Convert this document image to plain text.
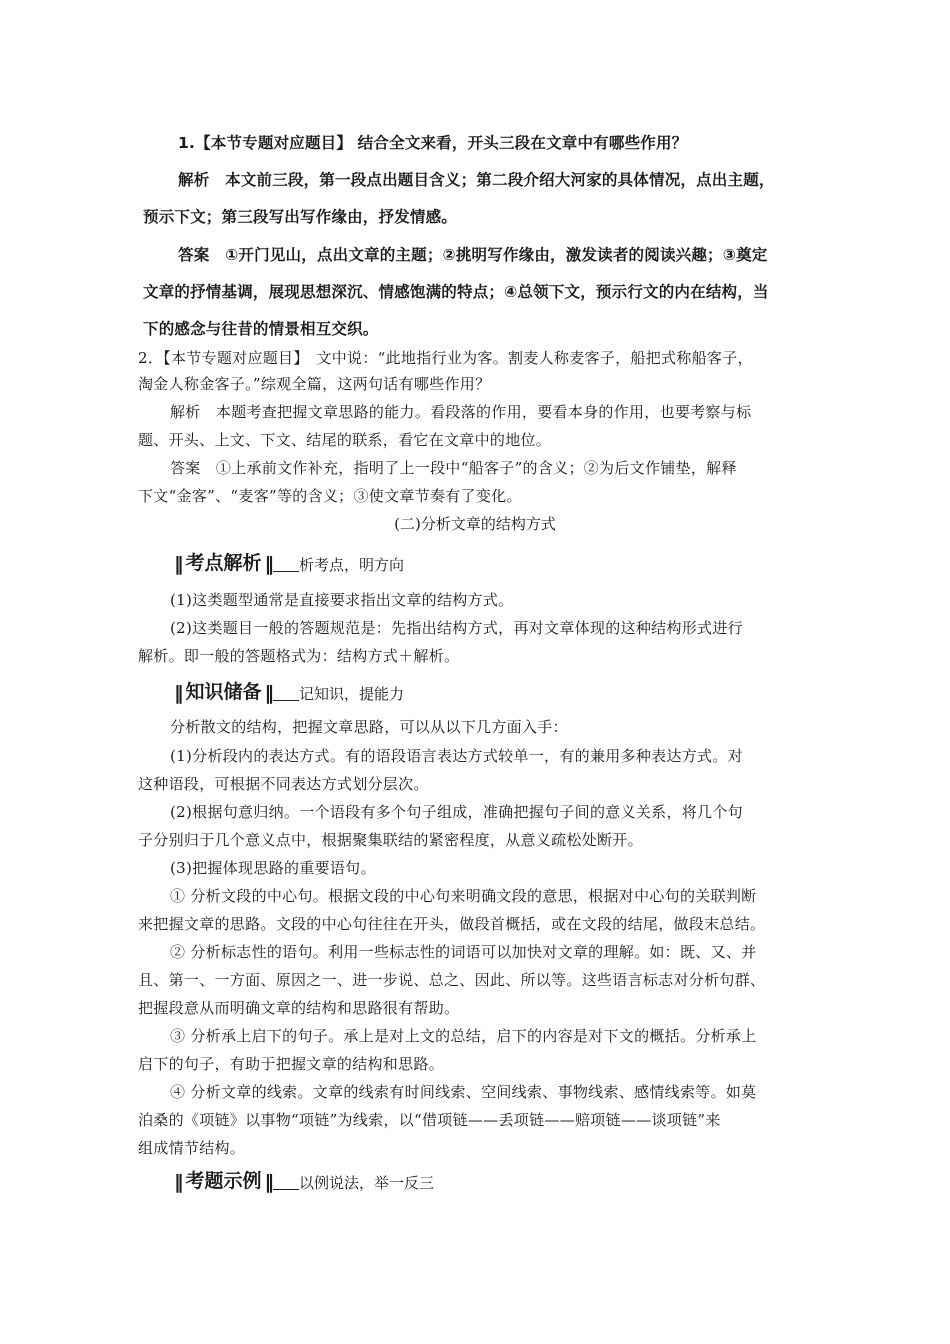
1.【本节专题对应题目】 结合全文来看，开头三段在文章中有哪些作用？
解析　本文前三段，第一段点出题目含义；第二段介绍大河家的具体情况，点出主题，
预示下文；第三段写出写作缘由，抒发情感。
答案　①开门见山，点出文章的主题；②挑明写作缘由，激发读者的阅读兴趣；③奠定
文章的抒情基调，展现思想深沉、情感饱满的特点；④总领下文，预示行文的内在结构，当
下的感念与往昔的情景相互交织。
2．【本节专题对应题目】　文中说：“此地指行业为客。割麦人称麦客子，船把式称船客子，
淘金人称金客子。”综观全篇，这两句话有哪些作用？
解析　本题考查把握文章思路的能力。看段落的作用，要看本身的作用，也要考察与标
题、开头、上文、下文、结尾的联系，看它在文章中的地位。
答案　①上承前文作补充，指明了上一段中“船客子”的含义；②为后文作铺垫，解释
下文“金客”、“麦客”等的含义；③使文章节奏有了变化。
(二)分析文章的结构方式
‖ 考点解析 ‖ 析考点，明方向
(1)这类题型通常是直接要求指出文章的结构方式。
(2)这类题目一般的答题规范是：先指出结构方式，再对文章体现的这种结构形式进行
解析。即一般的答题格式为：结构方式＋解析。
‖ 知识储备 ‖ 记知识，提能力
分析散文的结构，把握文章思路，可以从以下几方面入手：
(1)分析段内的表达方式。有的语段语言表达方式较单一，有的兼用多种表达方式。对
这种语段，可根据不同表达方式划分层次。
(2)根据句意归纳。一个语段有多个句子组成，准确把握句子间的意义关系，将几个句
子分别归于几个意义点中，根据聚集联结的紧密程度，从意义疏松处断开。
(3)把握体现思路的重要语句。
① 分析文段的中心句。根据文段的中心句来明确文段的意思，根据对中心句的关联判断
来把握文章的思路。文段的中心句往往在开头，做段首概括，或在文段的结尾，做段末总结。
② 分析标志性的语句。利用一些标志性的词语可以加快对文章的理解。如：既、又、并
且、第一、一方面、原因之一、进一步说、总之、因此、所以等。这些语言标志对分析句群、
把握段意从而明确文章的结构和思路很有帮助。
③ 分析承上启下的句子。承上是对上文的总结，启下的内容是对下文的概括。分析承上
启下的句子，有助于把握文章的结构和思路。
④ 分析文章的线索。文章的线索有时间线索、空间线索、事物线索、感情线索等。如莫
泊桑的《项链》以事物“项链”为线索，以“借项链——丢项链——赔项链——谈项链”来
组成情节结构。
‖ 考题示例 ‖ 以例说法，举一反三
